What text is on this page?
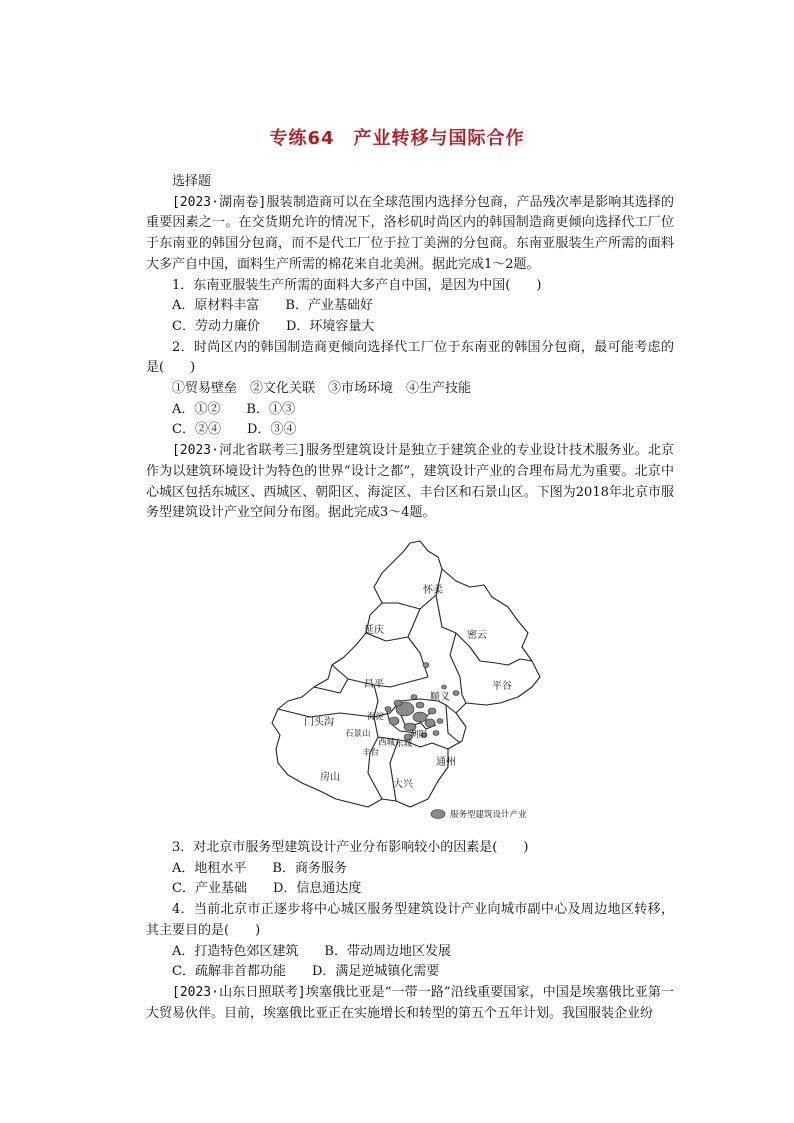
专练64　产业转移与国际合作

选择题

[2023·湖南卷]服装制造商可以在全球范围内选择分包商，产品残次率是影响其选择的重要因素之一。在交货期允许的情况下，洛杉矶时尚区内的韩国制造商更倾向选择代工厂位于东南亚的韩国分包商，而不是代工厂位于拉丁美洲的分包商。东南亚服装生产所需的面料大多产自中国，面料生产所需的棉花来自北美洲。据此完成1～2题。

1．东南亚服装生产所需的面料大多产自中国，是因为中国(　　)

A．原材料丰富　　B．产业基础好

C．劳动力廉价　　D．环境容量大

2．时尚区内的韩国制造商更倾向选择代工厂位于东南亚的韩国分包商，最可能考虑的是(　　)

①贸易壁垒　②文化关联　③市场环境　④生产技能

A．①②　　B．①③

C．②④　　D．③④

[2023·河北省联考三]服务型建筑设计是独立于建筑企业的专业设计技术服务业。北京作为以建筑环境设计为特色的世界“设计之都”，建筑设计产业的合理布局尤为重要。北京中心城区包括东城区、西城区、朝阳区、海淀区、丰台区和石景山区。下图为2018年北京市服务型建筑设计产业空间分布图。据此完成3～4题。

怀柔
延庆	密云
昌平
顺义
平谷
门头沟	海淀
石景山	朝阳
西城 东城
丰台
通州
房山
大兴
服务型建筑设计产业

3．对北京市服务型建筑设计产业分布影响较小的因素是(　　)

A．地租水平　　B．商务服务

C．产业基础　　D．信息通达度

4．当前北京市正逐步将中心城区服务型建筑设计产业向城市副中心及周边地区转移，其主要目的是(　　)

A．打造特色郊区建筑　　B．带动周边地区发展

C．疏解非首都功能　　D．满足逆城镇化需要

[2023·山东日照联考]埃塞俄比亚是“一带一路”沿线重要国家，中国是埃塞俄比亚第一大贸易伙伴。目前，埃塞俄比亚正在实施增长和转型的第五个五年计划。我国服装企业纷
